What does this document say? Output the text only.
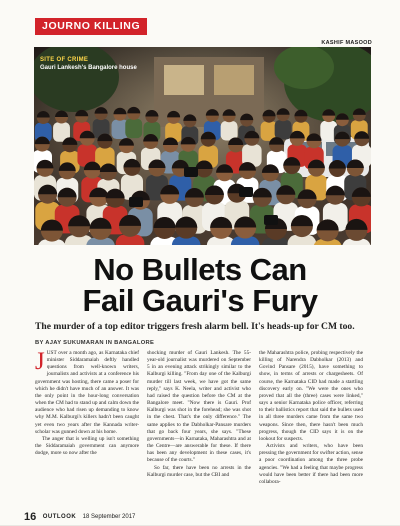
JOURNO KILLING
KASHIF MASOOD
SITE OF CRIME
Gauri Lankesh's Bangalore house
No Bullets Can
Fail Gauri's Fury
The murder of a top editor triggers fresh alarm bell. It's heads-up for CM too.
BY AJAY SUKUMARAN IN BANGALORE

JUST over a month ago, as Karnataka chief minister Siddaramaiah deftly handled questions from well-known writers, journalists and activists at a conference his government was hosting, there came a poser for which he didn't have much of an answer. It was the only point in the hour-long conversation when the CM had to stand up and calm down the audience who had risen up demanding to know why M.M. Kalburgi's killers hadn't been caught yet even two years after the Kannada writer-scholar was gunned down at his home.

The anger that is welling up isn't something the Siddaramaiah government can anymore dodge, more so now after the

shocking murder of Gauri Lankesh. The 55-year-old journalist was murdered on September 5 in an evening attack strikingly similar to the Kalburgi killing. "From day one of the Kalburgi murder till last week, we have got the same reply," says K. Neela, writer and activist who had raised the question before the CM at the Bangalore meet. "Now there is Gauri. Prof Kalburgi was shot in the forehead; she was shot in the chest. That's the only difference." The same applies to the Dabholkar-Pansare murders that go back four years, she says. "These governments—in Karnataka, Maharashtra and at the Centre—are answerable for these. If there has been any development in these cases, it's because of the courts."

So far, there have been no arrests in the Kalburgi murder case, but the CBI and

the Maharashtra police, probing respectively the killing of Narendra Dabholkar (2013) and Govind Pansare (2015), have something to show, in terms of arrests or chargesheets. Of course, the Karnataka CID had made a startling discovery early on. "We were the ones who proved that all the (three) cases were linked," says a senior Karnataka police officer, referring to their ballistics report that said the bullets used in all three murders came from the same two weapons. Since then, there hasn't been much progress, though the CID says it is on the lookout for suspects.

Activists and writers, who have been pressing the government for swifter action, sense a poor coordination among the three probe agencies. "We had a feeling that maybe progress would have been better if there had been more collabora-

16 OUTLOOK 18 September 2017
